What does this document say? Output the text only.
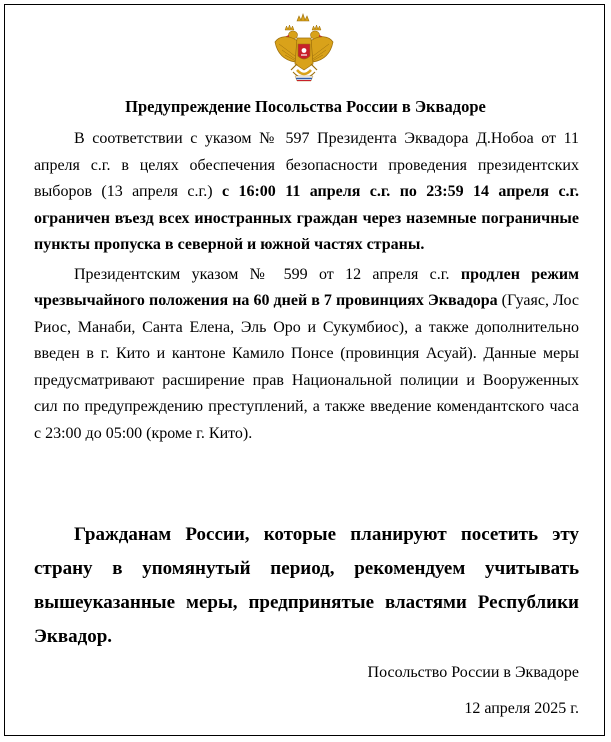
Предупреждение Посольства России в Эквадоре

В соответствии с указом № 597 Президента Эквадора Д.Нобоа от 11 апреля с.г. в целях обеспечения безопасности проведения президентских выборов (13 апреля с.г.) с 16:00 11 апреля с.г. по 23:59 14 апреля с.г. ограничен въезд всех иностранных граждан через наземные пограничные пункты пропуска в северной и южной частях страны.

Президентским указом № 599 от 12 апреля с.г. продлен режим чрезвычайного положения на 60 дней в 7 провинциях Эквадора (Гуаяс, Лос Риос, Манаби, Санта Елена, Эль Оро и Сукумбиос), а также дополнительно введен в г. Кито и кантоне Камило Понсе (провинция Асуай). Данные меры предусматривают расширение прав Национальной полиции и Вооруженных сил по предупреждению преступлений, а также введение комендантского часа с 23:00 до 05:00 (кроме г. Кито).

Гражданам России, которые планируют посетить эту страну в упомянутый период, рекомендуем учитывать вышеуказанные меры, предпринятые властями Республики Эквадор.
Посольство России в Эквадоре
12 апреля 2025 г.
